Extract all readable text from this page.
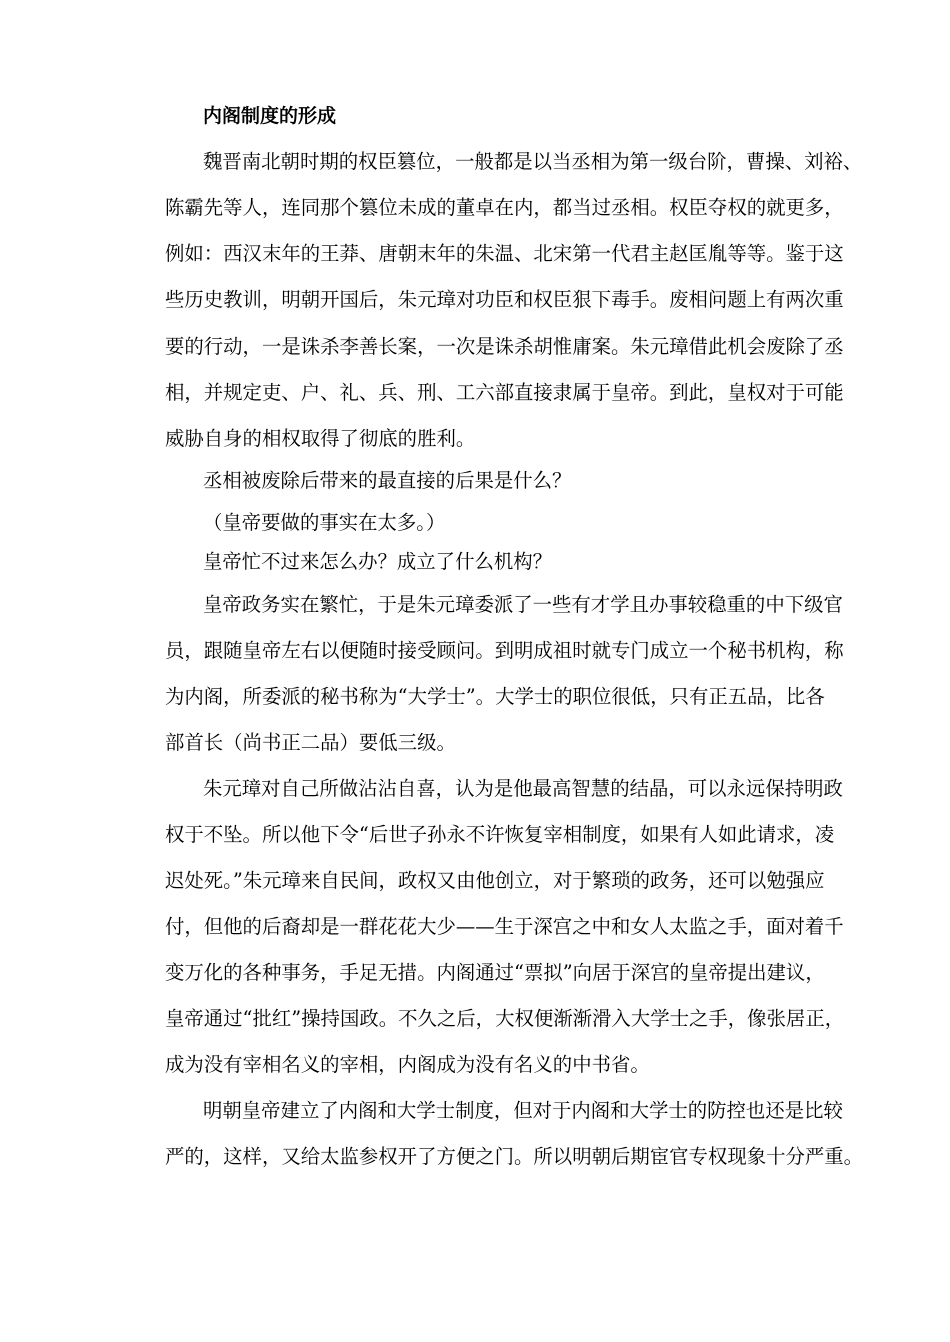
内阁制度的形成
魏晋南北朝时期的权臣篡位，一般都是以当丞相为第一级台阶，曹操、刘裕、
陈霸先等人，连同那个篡位未成的董卓在内，都当过丞相。权臣夺权的就更多，
例如：西汉末年的王莽、唐朝末年的朱温、北宋第一代君主赵匡胤等等。鉴于这
些历史教训，明朝开国后，朱元璋对功臣和权臣狠下毒手。废相问题上有两次重
要的行动，一是诛杀李善长案，一次是诛杀胡惟庸案。朱元璋借此机会废除了丞
相，并规定吏、户、礼、兵、刑、工六部直接隶属于皇帝。到此，皇权对于可能
威胁自身的相权取得了彻底的胜利。
丞相被废除后带来的最直接的后果是什么？
（皇帝要做的事实在太多。）
皇帝忙不过来怎么办？成立了什么机构？
皇帝政务实在繁忙，于是朱元璋委派了一些有才学且办事较稳重的中下级官
员，跟随皇帝左右以便随时接受顾问。到明成祖时就专门成立一个秘书机构，称
为内阁，所委派的秘书称为“大学士”。大学士的职位很低，只有正五品，比各
部首长（尚书正二品）要低三级。
朱元璋对自己所做沾沾自喜，认为是他最高智慧的结晶，可以永远保持明政
权于不坠。所以他下令“后世子孙永不许恢复宰相制度，如果有人如此请求，凌
迟处死。”朱元璋来自民间，政权又由他创立，对于繁琐的政务，还可以勉强应
付，但他的后裔却是一群花花大少——生于深宫之中和女人太监之手，面对着千
变万化的各种事务，手足无措。内阁通过“票拟”向居于深宫的皇帝提出建议，
皇帝通过“批红”操持国政。不久之后，大权便渐渐滑入大学士之手，像张居正，
成为没有宰相名义的宰相，内阁成为没有名义的中书省。
明朝皇帝建立了内阁和大学士制度，但对于内阁和大学士的防控也还是比较
严的，这样，又给太监参权开了方便之门。所以明朝后期宦官专权现象十分严重。
